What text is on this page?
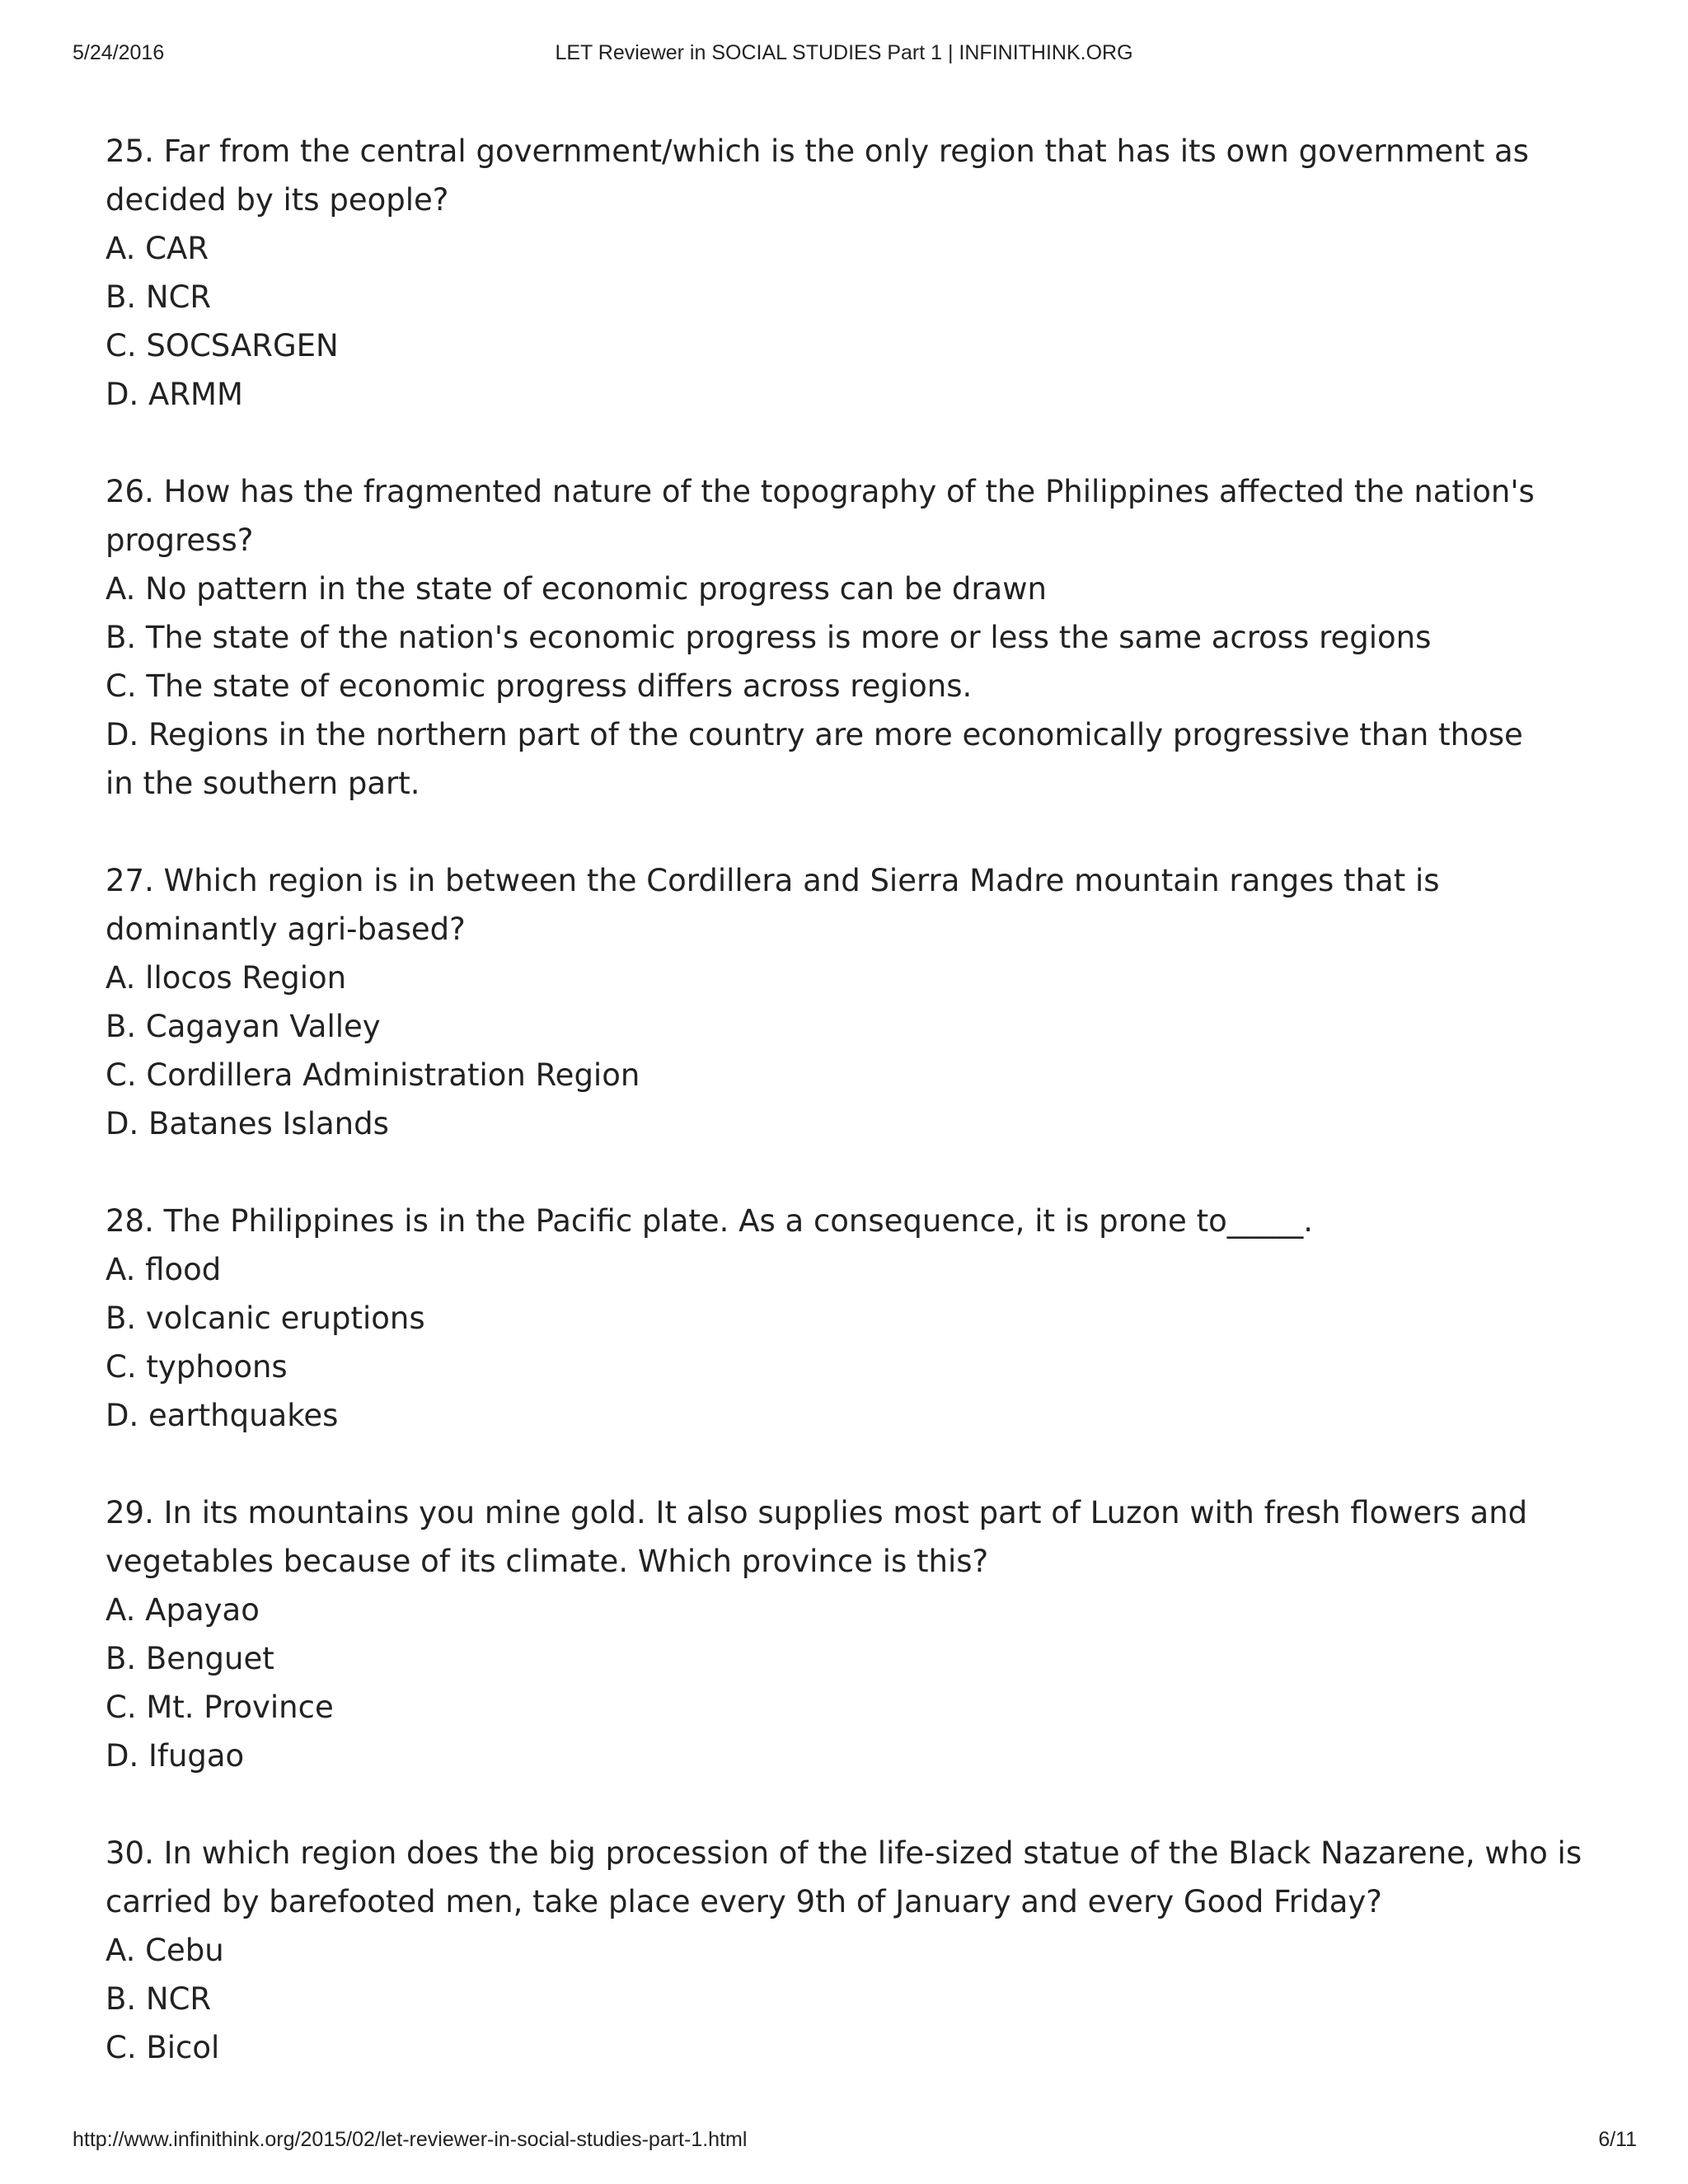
5/24/2016	LET Reviewer in SOCIAL STUDIES Part 1 | INFINITHINK.ORG

25. Far from the central government/which is the only region that has its own government as decided by its people?

A. CAR
B. NCR
C. SOCSARGEN
D. ARMM

26. How has the fragmented nature of the topography of the Philippines affected the nation's progress?

A. No pattern in the state of economic progress can be drawn
B. The state of the nation's economic progress is more or less the same across regions
C. The state of economic progress differs across regions.
D. Regions in the northern part of the country are more economically progressive than those
in the southern part.

27. Which region is in between the Cordillera and Sierra Madre mountain ranges that is dominantly agri-based?

A. llocos Region
B. Cagayan Valley
C. Cordillera Administration Region
D. Batanes Islands

28. The Philippines is in the Pacific plate. As a consequence, it is prone to_____.

A. flood
B. volcanic eruptions
C. typhoons
D. earthquakes

29. In its mountains you mine gold. It also supplies most part of Luzon with fresh flowers and vegetables because of its climate. Which province is this?

A. Apayao
B. Benguet
C. Mt. Province
D. Ifugao

30. In which region does the big procession of the life-sized statue of the Black Nazarene, who is carried by barefooted men, take place every 9th of January and every Good Friday?

A. Cebu
B. NCR
C. Bicol
http://www.infinithink.org/2015/02/let-reviewer-in-social-studies-part-1.html	6/11
